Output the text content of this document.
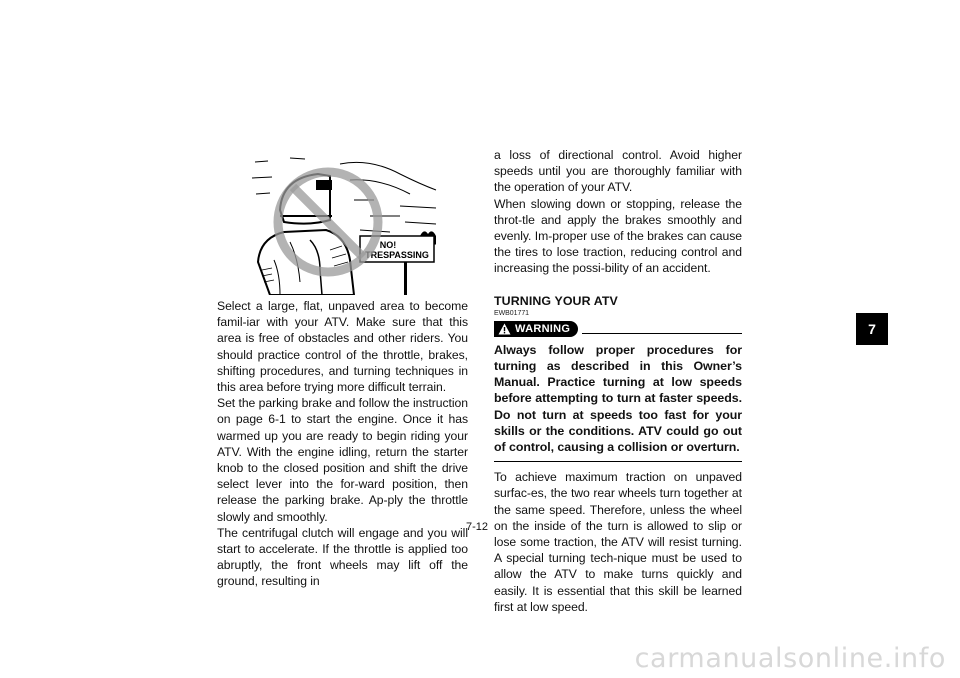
NO!
TRESPASSING

Select a large, flat, unpaved area to become famil-iar with your ATV. Make sure that this area is free of obstacles and other riders. You should practice control of the throttle, brakes, shifting procedures, and turning techniques in this area before trying more difficult terrain.

Set the parking brake and follow the instruction on page 6-1 to start the engine. Once it has warmed up you are ready to begin riding your ATV. With the engine idling, return the starter knob to the closed position and shift the drive select lever into the for-ward position, then release the parking brake. Ap-ply the throttle slowly and smoothly.

The centrifugal clutch will engage and you will start to accelerate. If the throttle is applied too abruptly, the front wheels may lift off the ground, resulting in

a loss of directional control. Avoid higher speeds until you are thoroughly familiar with the operation of your ATV.

When slowing down or stopping, release the throt-tle and apply the brakes smoothly and evenly. Im-proper use of the brakes can cause the tires to lose traction, reducing control and increasing the possi-bility of an accident.

TURNING YOUR ATV

EWB01771

WARNING

Always follow proper procedures for turning as described in this Owner’s Manual. Practice turning at low speeds before attempting to turn at faster speeds. Do not turn at speeds too fast for your skills or the conditions. ATV could go out of control, causing a collision or overturn.

To achieve maximum traction on unpaved surfac-es, the two rear wheels turn together at the same speed. Therefore, unless the wheel on the inside of the turn is allowed to slip or lose some traction, the ATV will resist turning. A special turning tech-nique must be used to allow the ATV to make turns quickly and easily. It is essential that this skill be learned first at low speed.

7-12
7
carmanualsonline.info
